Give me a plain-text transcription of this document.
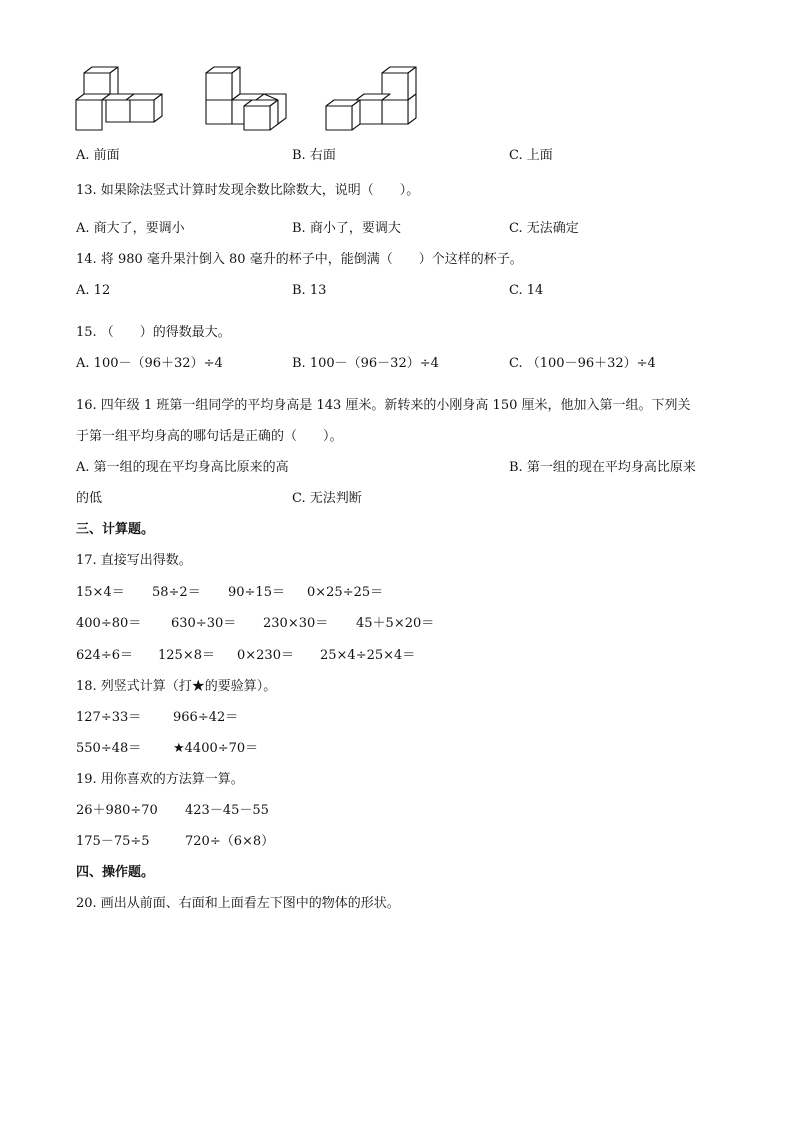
A. 前面	B. 右面	C. 上面
13. 如果除法竖式计算时发现余数比除数大，说明（　　）。
A. 商大了，要调小	B. 商小了，要调大	C. 无法确定
14. 将 980 毫升果汁倒入 80 毫升的杯子中，能倒满（　　）个这样的杯子。
A. 12	B. 13	C. 14
15. （　　）的得数最大。
A. 100－（96＋32）÷4	B. 100－（96－32）÷4	C. （100－96＋32）÷4
16. 四年级 1 班第一组同学的平均身高是 143 厘米。新转来的小刚身高 150 厘米，他加入第一组。下列关
于第一组平均身高的哪句话是正确的（　　）。
A. 第一组的现在平均身高比原来的高	B. 第一组的现在平均身高比原来
的低	C. 无法判断
三、计算题。
17. 直接写出得数。
15×4＝ 58÷2＝ 90÷15＝ 0×25÷25＝
400÷80＝ 630÷30＝ 230×30＝ 45＋5×20＝
624÷6＝ 125×8＝ 0×230＝ 25×4÷25×4＝
18. 列竖式计算（打★的要验算）。
127÷33＝ 966÷42＝
550÷48＝ ★4400÷70＝
19. 用你喜欢的方法算一算。
26＋980÷70 423－45－55
175－75÷5	720÷（6×8）
四、操作题。
20. 画出从前面、右面和上面看左下图中的物体的形状。
